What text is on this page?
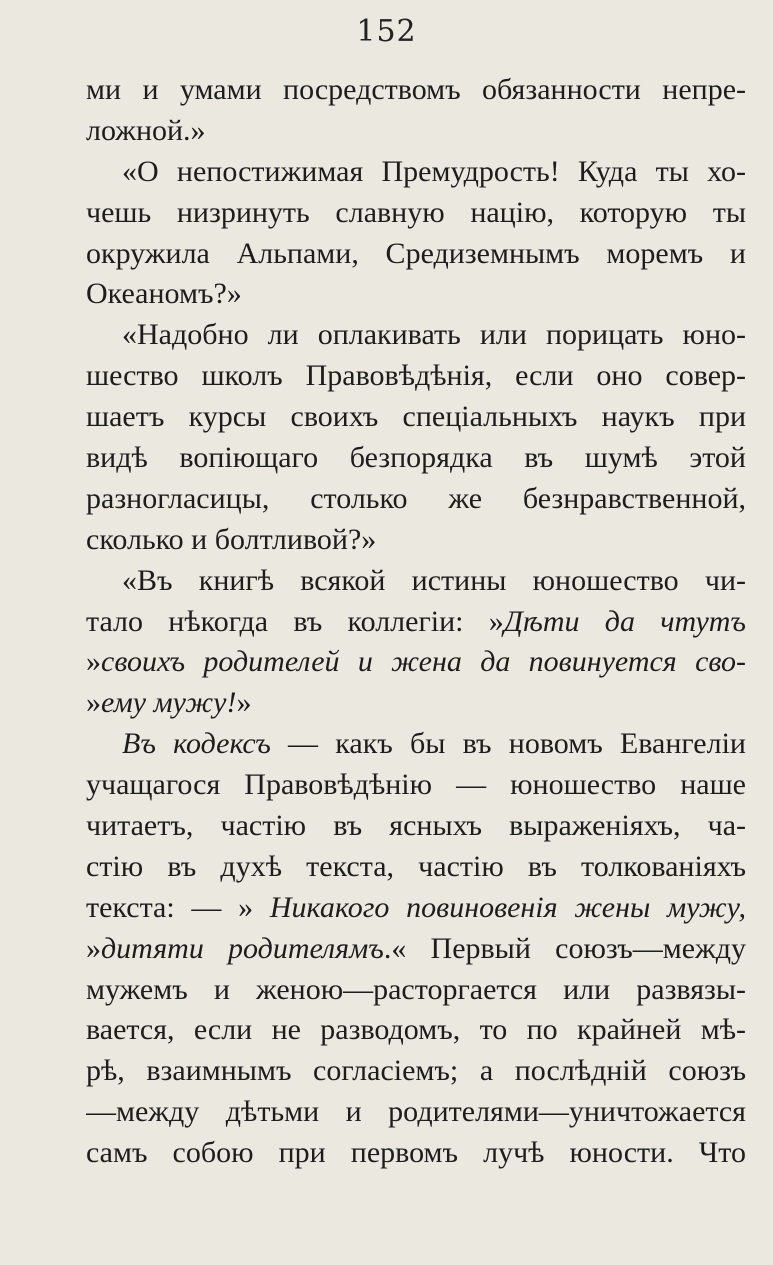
152
ми и умами посредствомъ обязанности непре-
ложной.»
«О непостижимая Премудрость! Куда ты хо-
чешь низринуть славную націю, которую ты
окружила Альпами, Средиземнымъ моремъ и
Океаномъ?»
«Надобно ли оплакивать или порицать юно-
шество школъ Правовѣдѣнія, если оно совер-
шаетъ курсы своихъ спеціальныхъ наукъ при
видѣ вопіющаго безпорядка въ шумѣ этой
разногласицы, столько же безнравственной,
сколько и болтливой?»
«Въ книгѣ всякой истины юношество чи-
тало нѣкогда въ коллегіи: »Дѣти да чтутъ
»своихъ родителей и жена да повинуется сво-
»ему мужу!»
Въ кодексъ — какъ бы въ новомъ Евангеліи
учащагося Правовѣдѣнію — юношество наше
читаетъ, частію въ ясныхъ выраженіяхъ, ча-
стію въ духѣ текста, частію въ толкованіяхъ
текста: — » Никакого повиновенія жены мужу,
»дитяти родителямъ.« Первый союзъ—между
мужемъ и женою—расторгается или развязы-
вается, если не разводомъ, то по крайней мѣ-
рѣ, взаимнымъ согласіемъ; а послѣдній союзъ
—между дѣтьми и родителями—уничтожается
самъ собою при первомъ лучѣ юности. Что
